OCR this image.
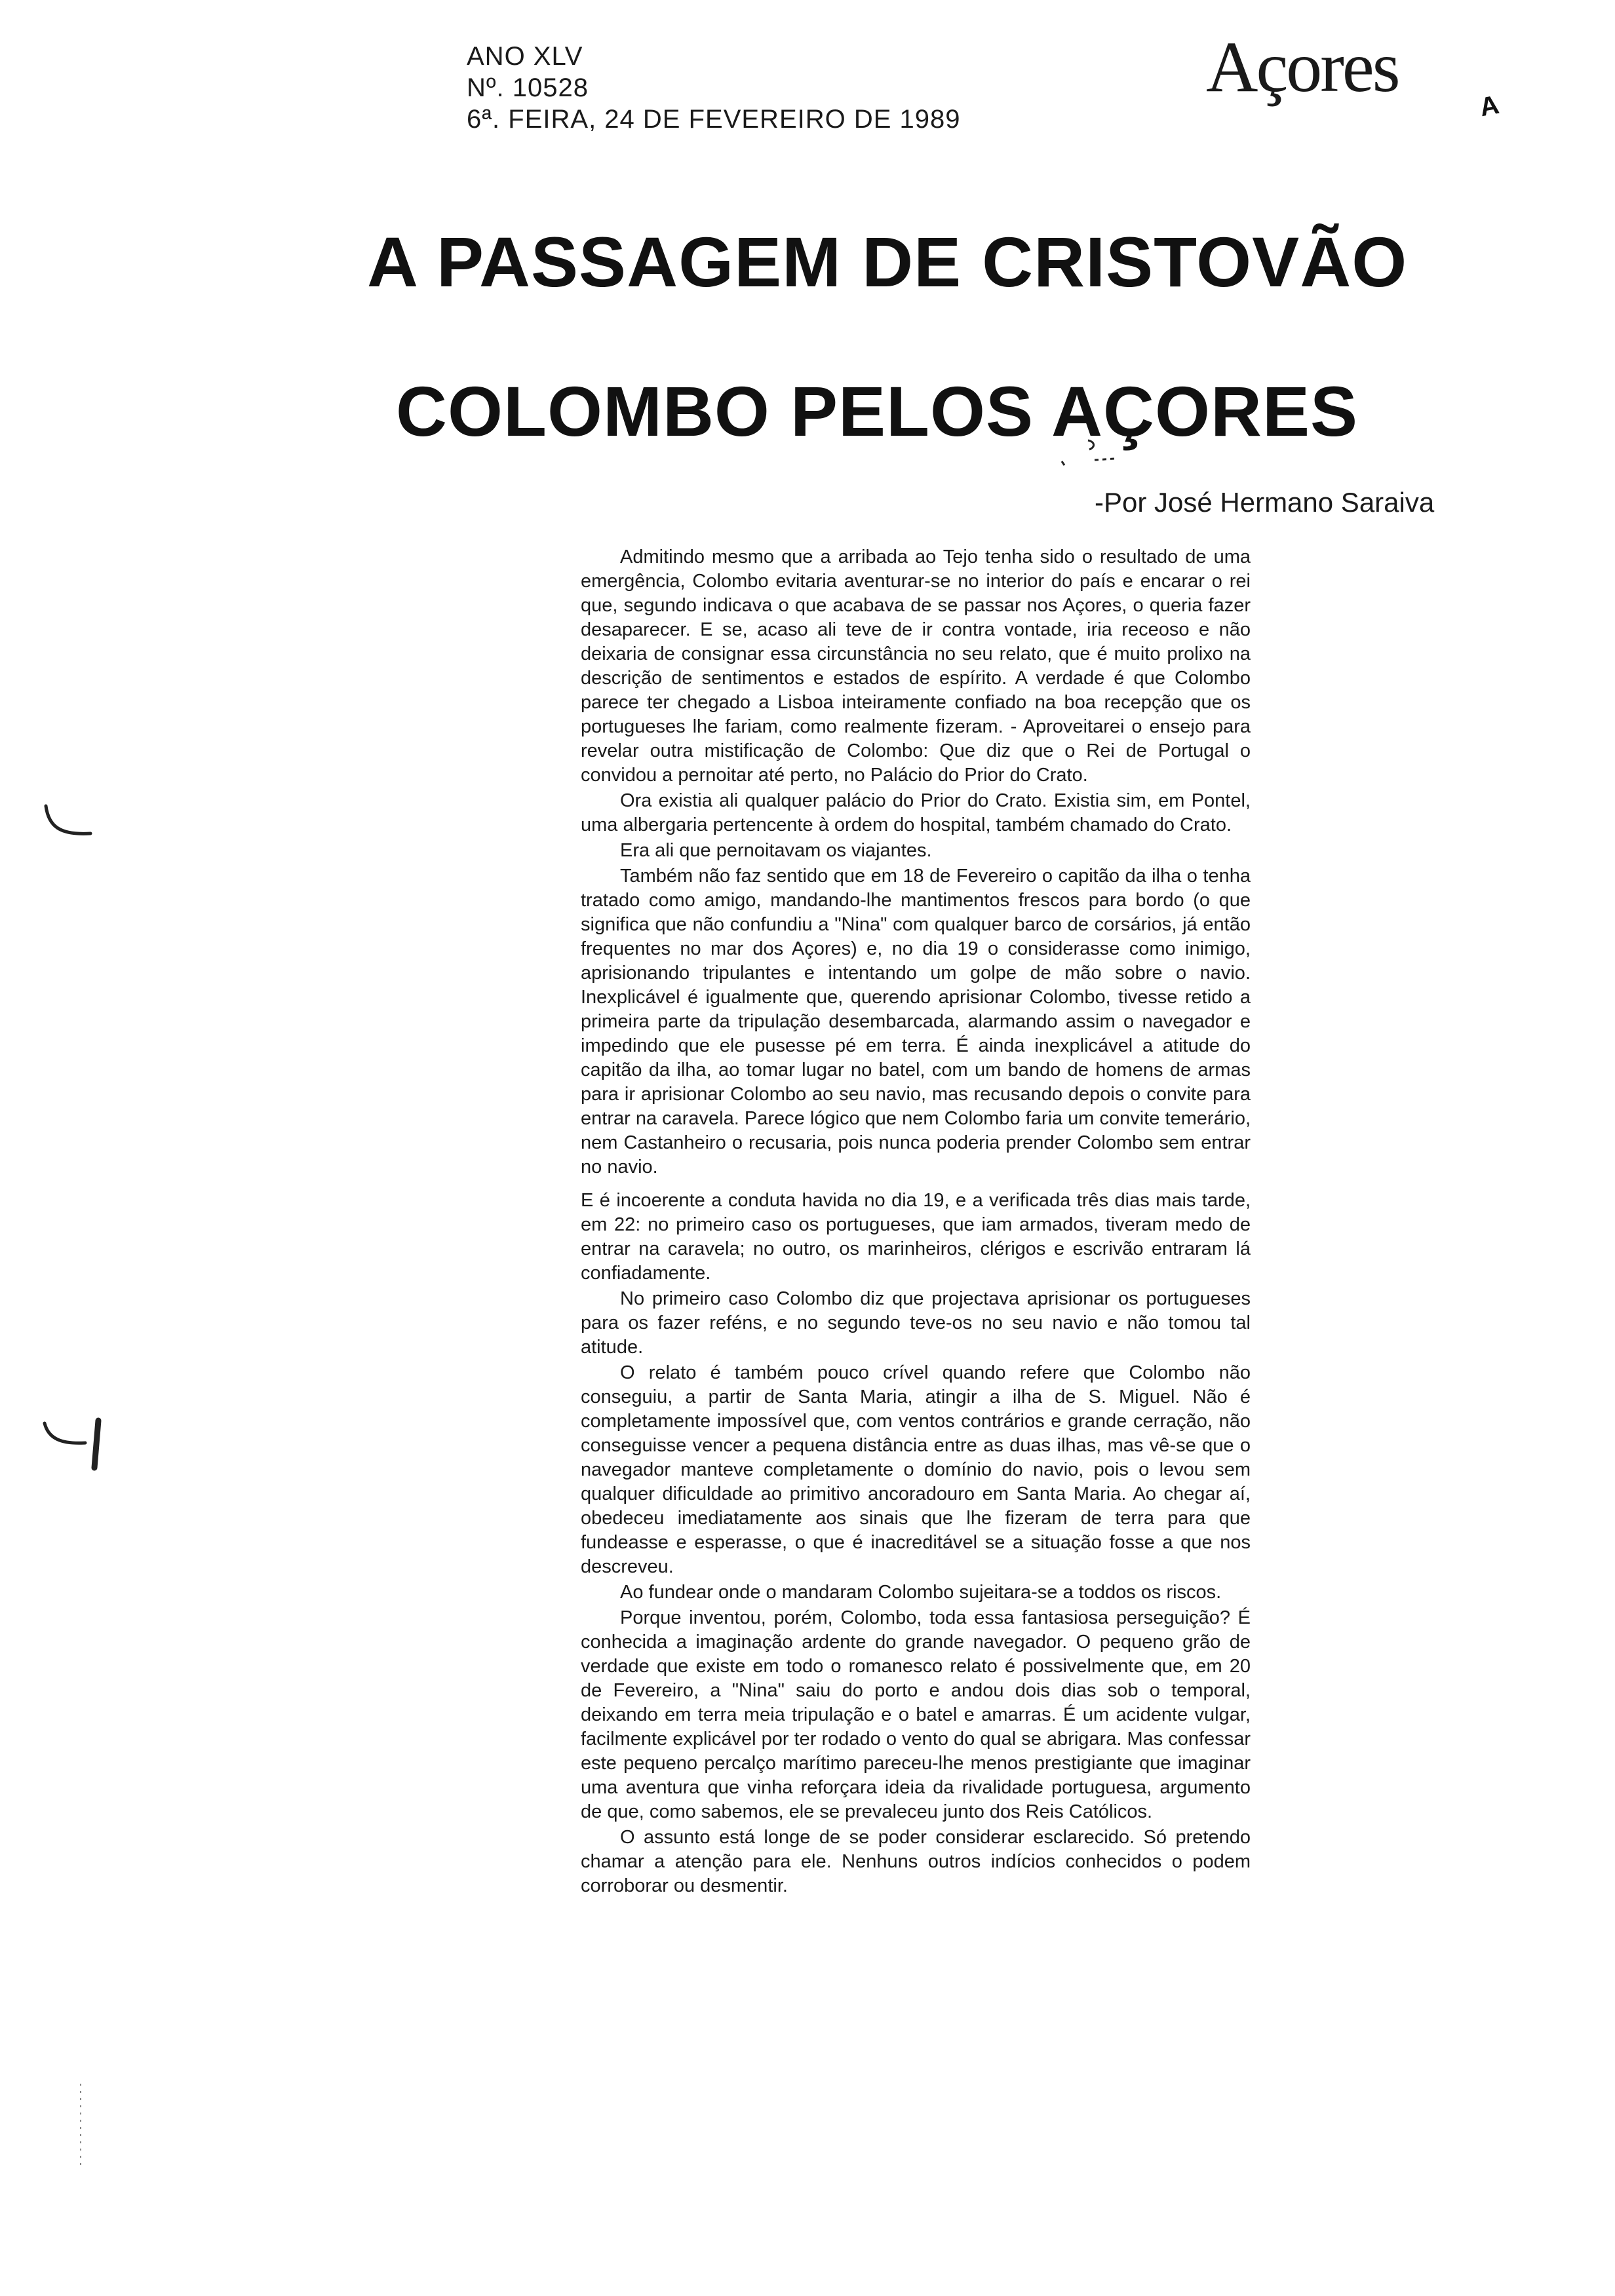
ANO XLV
Nº. 10528
6ª. FEIRA, 24 DE FEVEREIRO DE 1989
Açores	A
A PASSAGEM DE CRISTOVÃO
COLOMBO PELOS AÇORES
-Por José Hermano Saraiva

Admitindo mesmo que a arribada ao Tejo tenha sido o resultado de uma emergência, Colombo evitaria aventurar-se no interior do país e encarar o rei que, segundo indicava o que acabava de se passar nos Açores, o queria fazer desaparecer. E se, acaso ali teve de ir contra vontade, iria receoso e não deixaria de consignar essa circunstância no seu relato, que é muito prolixo na descrição de sentimentos e estados de espírito. A verdade é que Colombo parece ter chegado a Lisboa inteiramente confiado na boa recepção que os portugueses lhe fariam, como realmente fizeram. - Aproveitarei o ensejo para revelar outra mistificação de Colombo: Que diz que o Rei de Portugal o convidou a pernoitar até perto, no Palácio do Prior do Crato.

Ora existia ali qualquer palácio do Prior do Crato. Existia sim, em Pontel, uma albergaria pertencente à ordem do hospital, também chamado do Crato.

Era ali que pernoitavam os viajantes.

Também não faz sentido que em 18 de Fevereiro o capitão da ilha o tenha tratado como amigo, mandando-lhe mantimentos frescos para bordo (o que significa que não confundiu a "Nina" com qualquer barco de corsários, já então frequentes no mar dos Açores) e, no dia 19 o considerasse como inimigo, aprisionando tripulantes e intentando um golpe de mão sobre o navio. Inexplicável é igualmente que, querendo aprisionar Colombo, tivesse retido a primeira parte da tripulação desembarcada, alarmando assim o navegador e impedindo que ele pusesse pé em terra. É ainda inexplicável a atitude do capitão da ilha, ao tomar lugar no batel, com um bando de homens de armas para ir aprisionar Colombo ao seu navio, mas recusando depois o convite para entrar na caravela. Parece lógico que nem Colombo faria um convite temerário, nem Castanheiro o recusaria, pois nunca poderia prender Colombo sem entrar no navio.

E é incoerente a conduta havida no dia 19, e a verificada três dias mais tarde, em 22: no primeiro caso os portugueses, que iam armados, tiveram medo de entrar na caravela; no outro, os marinheiros, clérigos e escrivão entraram lá confiadamente.

No primeiro caso Colombo diz que projectava aprisionar os portugueses para os fazer reféns, e no segundo teve-os no seu navio e não tomou tal atitude.

O relato é também pouco crível quando refere que Colombo não conseguiu, a partir de Santa Maria, atingir a ilha de S. Miguel. Não é completamente impossível que, com ventos contrários e grande cerração, não conseguisse vencer a pequena distância entre as duas ilhas, mas vê-se que o navegador manteve completamente o domínio do navio, pois o levou sem qualquer dificuldade ao primitivo ancoradouro em Santa Maria. Ao chegar aí, obedeceu imediatamente aos sinais que lhe fizeram de terra para que fundeasse e esperasse, o que é inacreditável se a situação fosse a que nos descreveu.

Ao fundear onde o mandaram Colombo sujeitara-se a toddos os riscos.

Porque inventou, porém, Colombo, toda essa fantasiosa perseguição? É conhecida a imaginação ardente do grande navegador. O pequeno grão de verdade que existe em todo o romanesco relato é possivelmente que, em 20 de Fevereiro, a "Nina" saiu do porto e andou dois dias sob o temporal, deixando em terra meia tripulação e o batel e amarras. É um acidente vulgar, facilmente explicável por ter rodado o vento do qual se abrigara. Mas confessar este pequeno percalço marítimo pareceu-lhe menos prestigiante que imaginar uma aventura que vinha reforçara ideia da rivalidade portuguesa, argumento de que, como sabemos, ele se prevaleceu junto dos Reis Católicos.

O assunto está longe de se poder considerar esclarecido. Só pretendo chamar a atenção para ele. Nenhuns outros indícios conhecidos o podem corroborar ou desmentir.
